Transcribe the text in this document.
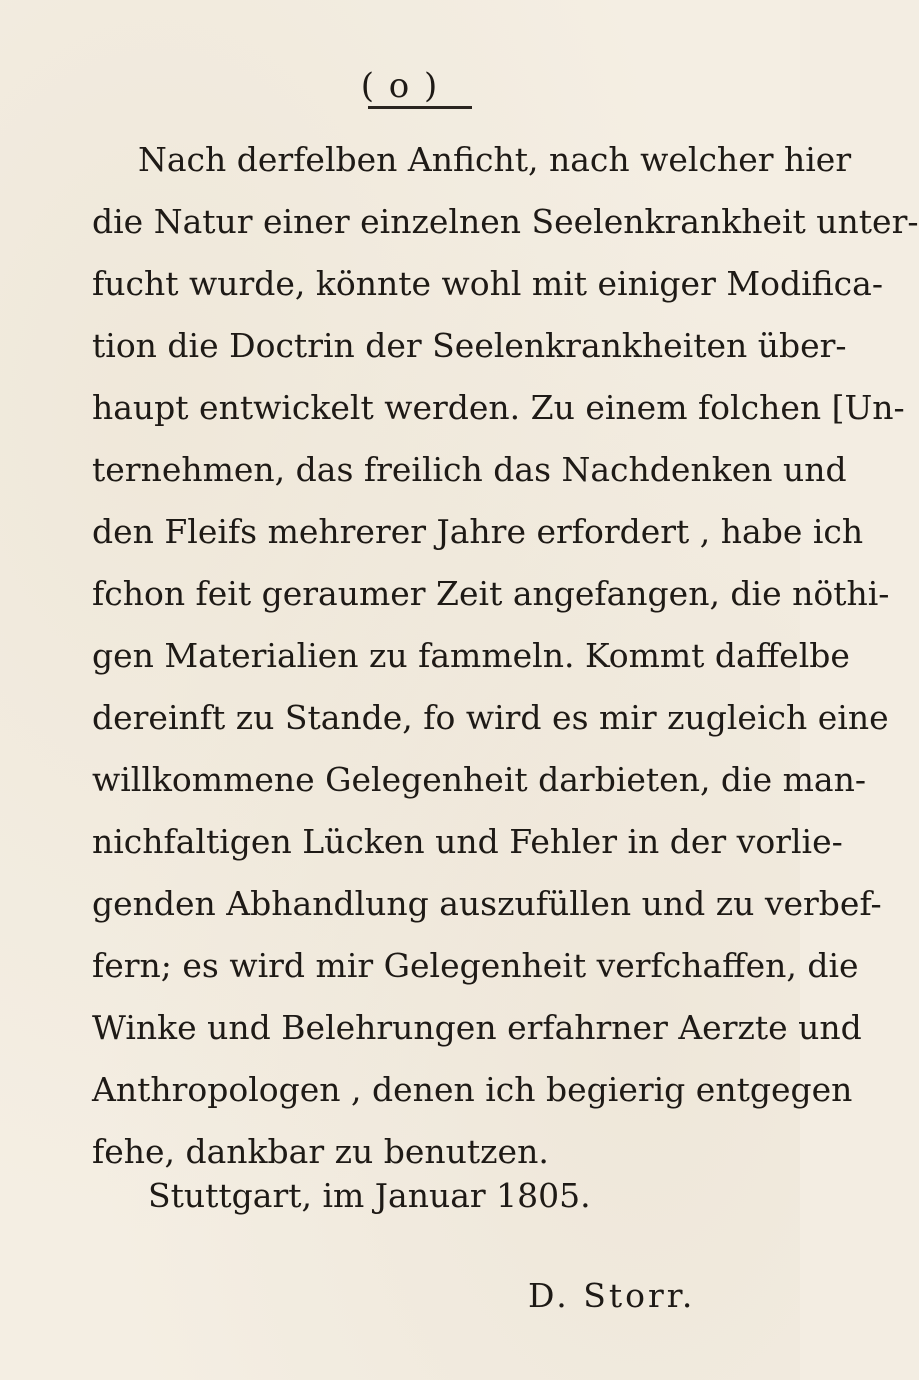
( o )
Nach derfelben Anficht, nach welcher hier
die Natur einer einzelnen Seelenkrankheit unter-
fucht wurde, könnte wohl mit einiger Modifica-
tion die Doctrin der Seelenkrankheiten über-
haupt entwickelt werden. Zu einem folchen [Un-
ternehmen, das freilich das Nachdenken und
den Fleifs mehrerer Jahre erfordert , habe ich
fchon feit geraumer Zeit angefangen, die nöthi-
gen Materialien zu fammeln. Kommt daffelbe
dereinft zu Stande, fo wird es mir zugleich eine
willkommene Gelegenheit darbieten, die man-
nichfaltigen Lücken und Fehler in der vorlie-
genden Abhandlung auszufüllen und zu verbef-
fern; es wird mir Gelegenheit verfchaffen, die
Winke und Belehrungen erfahrner Aerzte und
Anthropologen , denen ich begierig entgegen
fehe, dankbar zu benutzen.
Stuttgart, im Januar 1805.
D. Storr.
